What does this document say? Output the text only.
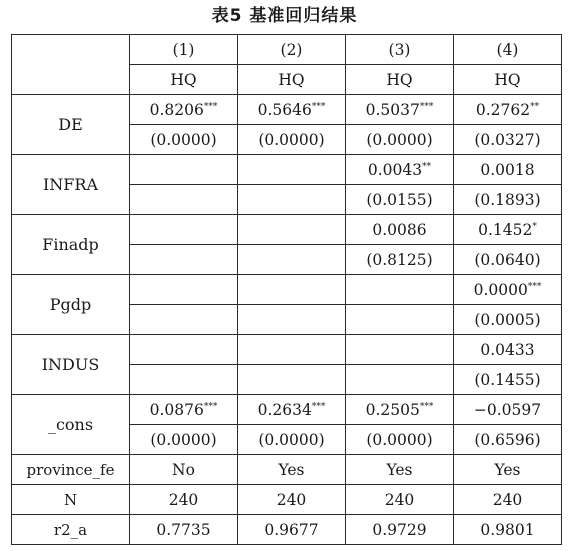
表5 基准回归结果
	(1)	(2)	(3)	(4)
	HQ	HQ	HQ	HQ
DE	0.8206***	0.5646***	0.5037***	0.2762**
	(0.0000)	(0.0000)	(0.0000)	(0.0327)
INFRA			0.0043**	0.0018
			(0.0155)	(0.1893)
Finadp			0.0086	0.1452*
			(0.8125)	(0.0640)
Pgdp				0.0000***
				(0.0005)
INDUS				0.0433
				(0.1455)
_cons	0.0876***	0.2634***	0.2505***	−0.0597
	(0.0000)	(0.0000)	(0.0000)	(0.6596)
province_fe	No	Yes	Yes	Yes
N	240	240	240	240
r2_a	0.7735	0.9677	0.9729	0.9801
